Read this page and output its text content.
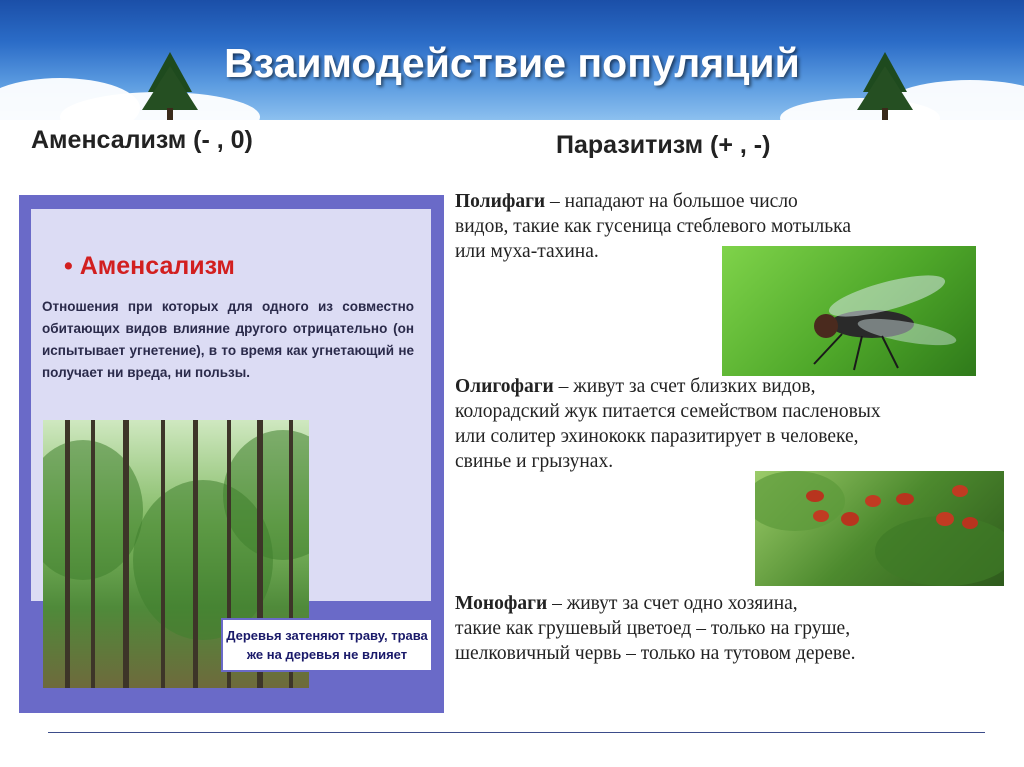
Взаимодействие популяций
Аменсализм (- , 0)	Паразитизм (+ , -)
• Аменсализм
Отношения при которых для одного из совместно обитающих видов влияние другого отрицательно (он испытывает угнетение), в то время как угнетающий не получает ни вреда, ни пользы.
Деревья затеняют траву, трава
же на деревья не влияет
Полифаги – нападают на большое число
видов, такие как гусеница стеблевого мотылька
или муха-тахина.
Олигофаги – живут за счет близких видов,
колорадский жук питается семейством пасленовых
или солитер эхинококк паразитирует в человеке,
свинье и грызунах.
Монофаги – живут за счет одно хозяина,
такие как грушевый цветоед – только на груше,
шелковичный червь – только на тутовом дереве.
